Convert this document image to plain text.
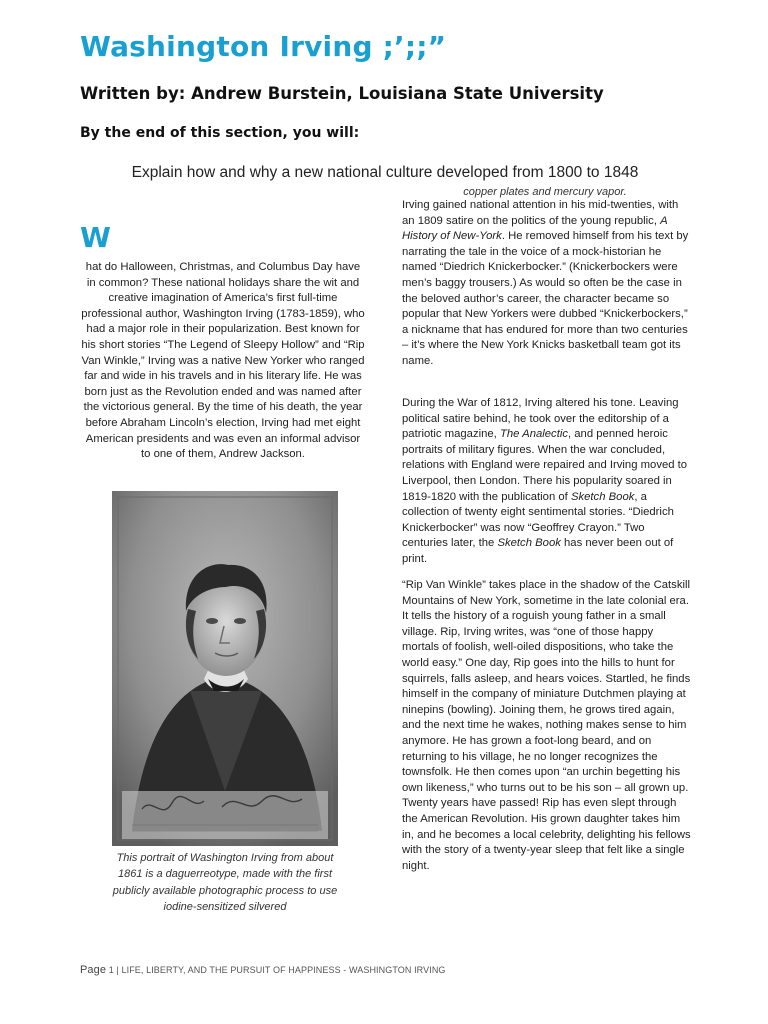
Washington Irving ;’;;”
Written by: Andrew Burstein, Louisiana State University
By the end of this section, you will:

Explain how and why a new national culture developed from 1800 to 1848

copper plates and mercury vapor.

W

hat do Halloween, Christmas, and Columbus Day have in common? These national holidays share the wit and creative imagination of America’s first full-time professional author, Washington Irving (1783-1859), who had a major role in their popularization. Best known for his short stories “The Legend of Sleepy Hollow” and “Rip Van Winkle,” Irving was a native New Yorker who ranged far and wide in his travels and in his literary life. He was born just as the Revolution ended and was named after the victorious general. By the time of his death, the year before Abraham Lincoln’s election, Irving had met eight American presidents and was even an informal advisor to one of them, Andrew Jackson.

This portrait of Washington Irving from about 1861 is a daguerreotype, made with the first publicly available photographic process to use iodine-sensitized silvered

Irving gained national attention in his mid-twenties, with an 1809 satire on the politics of the young republic, A History of New-York. He removed himself from his text by narrating the tale in the voice of a mock-historian he named “Diedrich Knickerbocker.” (Knickerbockers were men’s baggy trousers.) As would so often be the case in the beloved author’s career, the character became so popular that New Yorkers were dubbed “Knickerbockers,” a nickname that has endured for more than two centuries – it’s where the New York Knicks basketball team got its name.

During the War of 1812, Irving altered his tone. Leaving political satire behind, he took over the editorship of a patriotic magazine, The Analectic, and penned heroic portraits of military figures. When the war concluded, relations with England were repaired and Irving moved to Liverpool, then London. There his popularity soared in 1819-1820 with the publication of Sketch Book, a collection of twenty eight sentimental stories. “Diedrich Knickerbocker” was now “Geoffrey Crayon.” Two centuries later, the Sketch Book has never been out of print.

“Rip Van Winkle” takes place in the shadow of the Catskill Mountains of New York, sometime in the late colonial era. It tells the history of a roguish young father in a small village. Rip, Irving writes, was “one of those happy mortals of foolish, well-oiled dispositions, who take the world easy.” One day, Rip goes into the hills to hunt for squirrels, falls asleep, and hears voices. Startled, he finds himself in the company of miniature Dutchmen playing at ninepins (bowling). Joining them, he grows tired again, and the next time he wakes, nothing makes sense to him anymore. He has grown a foot-long beard, and on returning to his village, he no longer recognizes the townsfolk. He then comes upon “an urchin begetting his own likeness,” who turns out to be his son – all grown up. Twenty years have passed! Rip has even slept through the American Revolution. His grown daughter takes him in, and he becomes a local celebrity, delighting his fellows with the story of a twenty-year sleep that felt like a single night.

Page 1 | LIFE, LIBERTY, AND THE PURSUIT OF HAPPINESS - WASHINGTON IRVING
